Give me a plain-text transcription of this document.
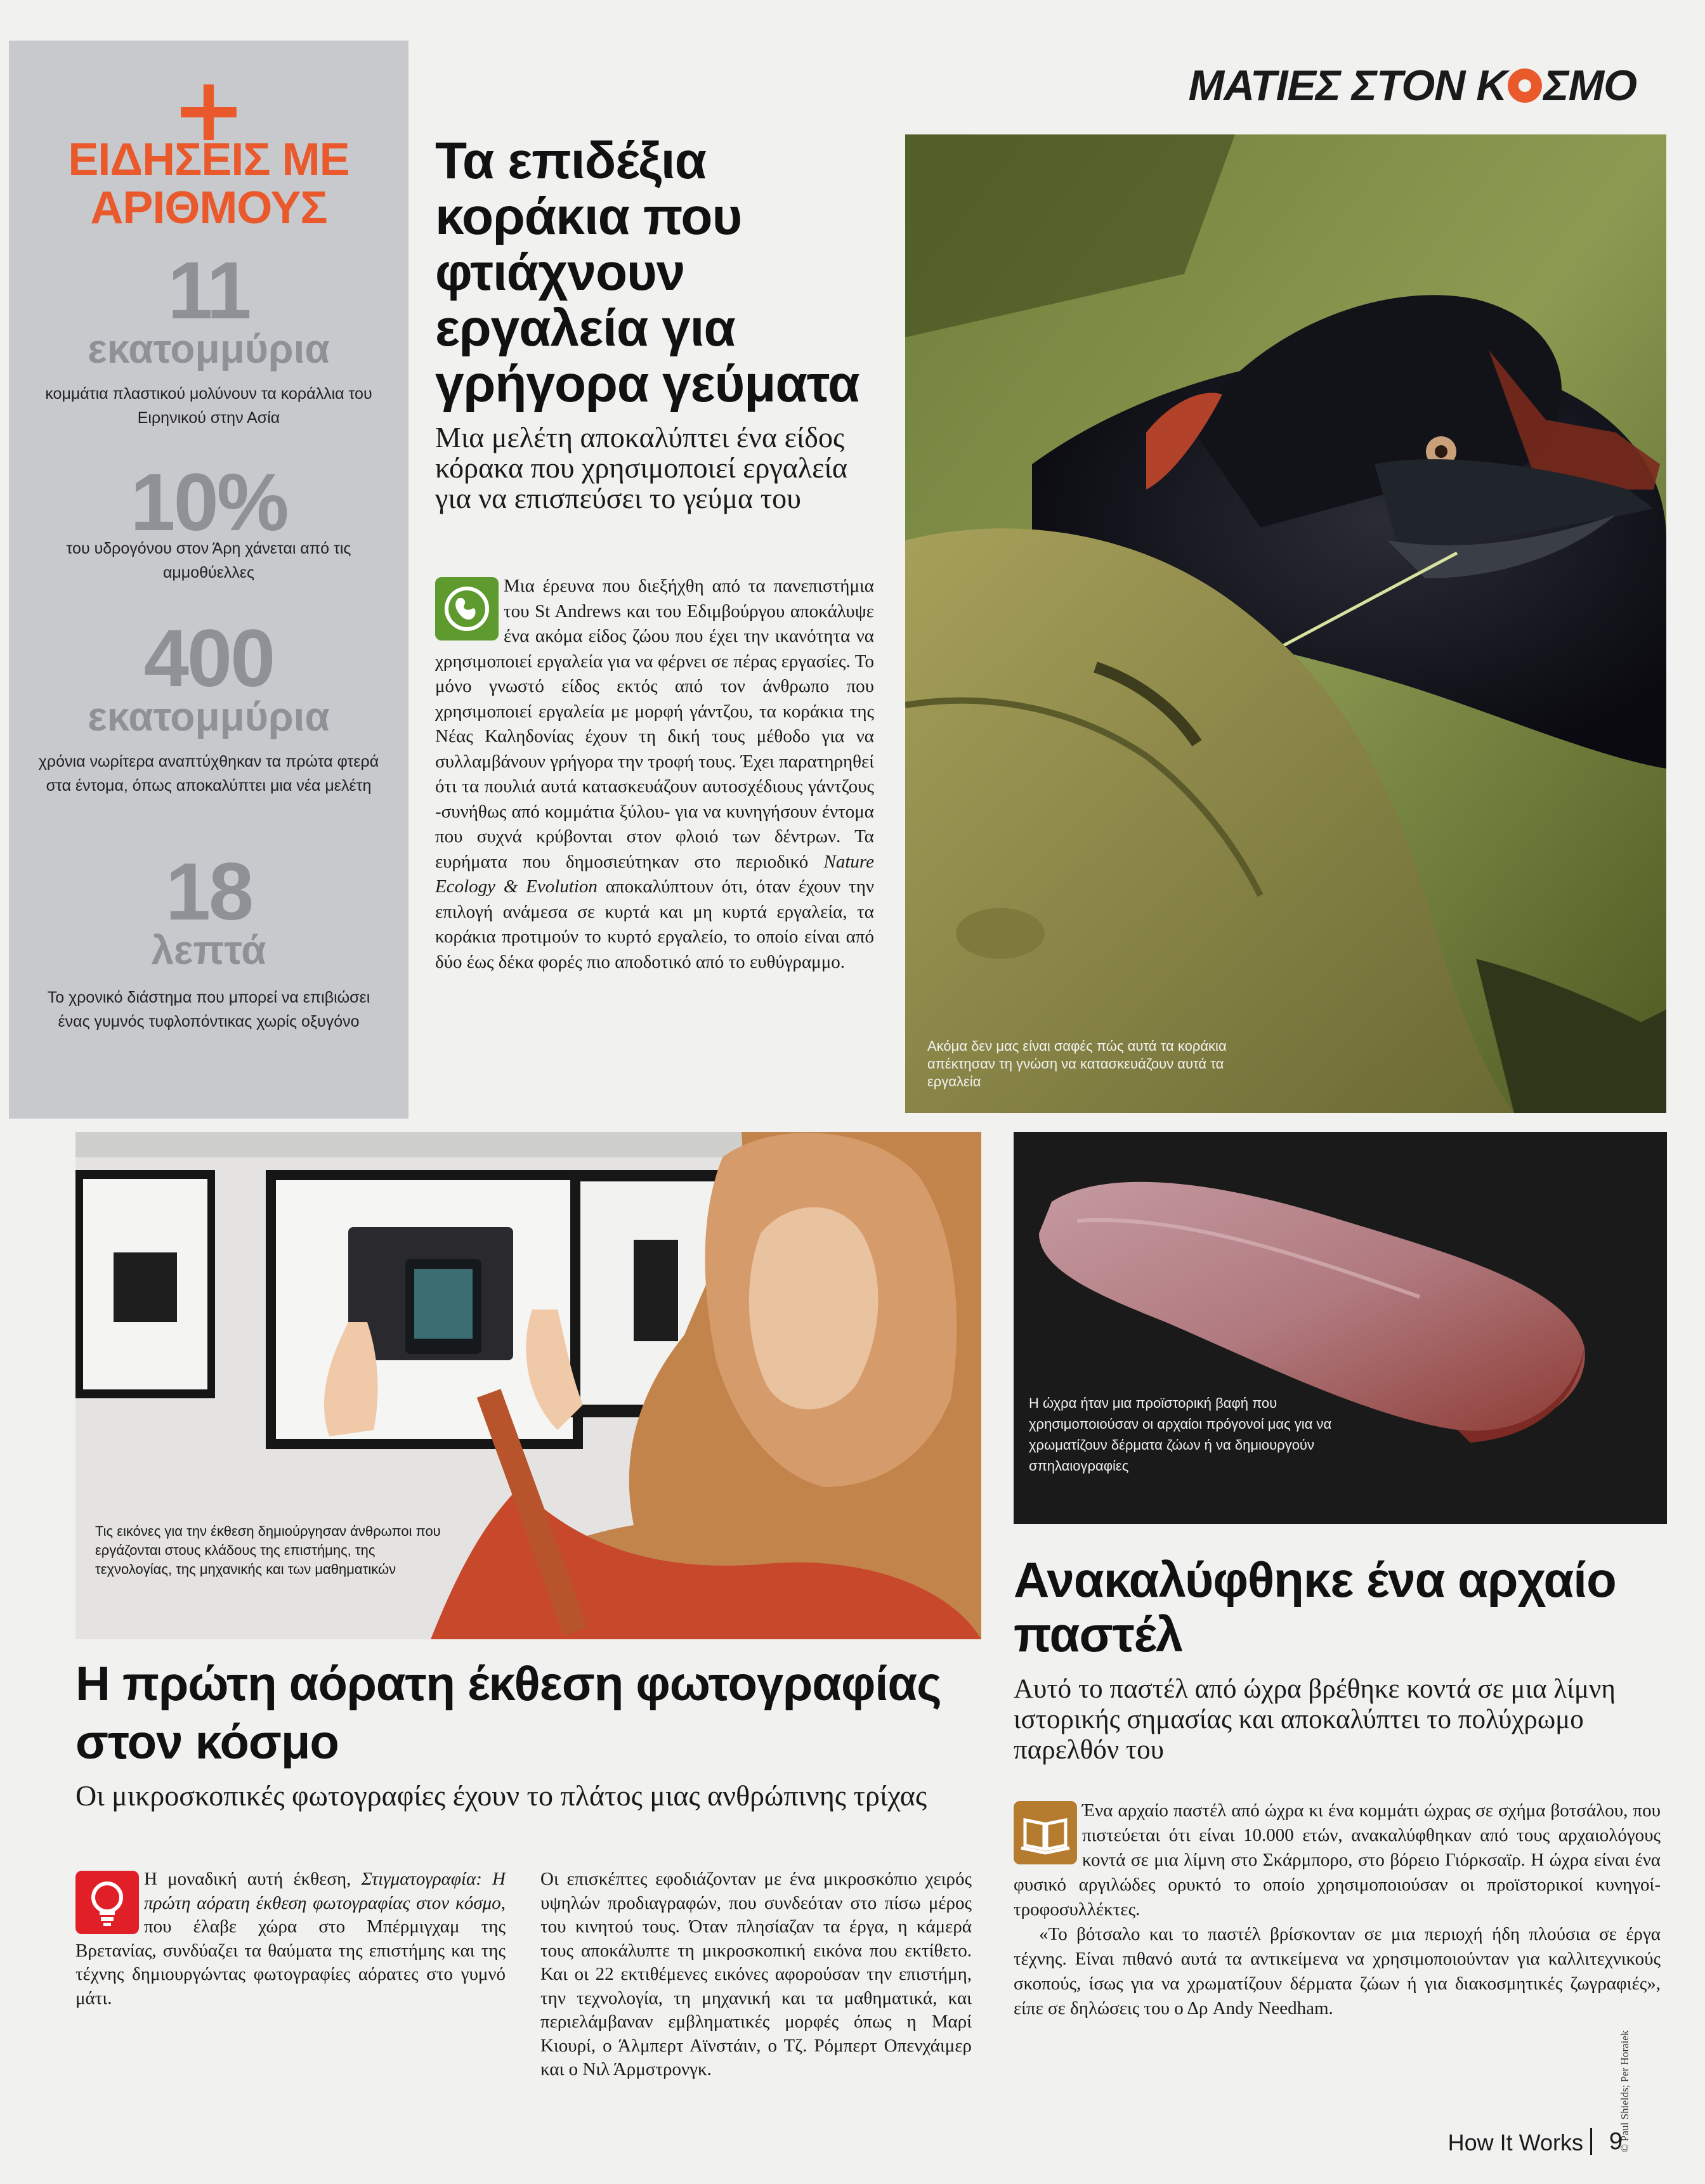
+
ΕΙΔΗΣΕΙΣ ΜΕ
ΑΡΙΘΜΟΥΣ
11
εκατομμύρια
κομμάτια πλαστικού μολύνουν τα κοράλλια του Ειρηνικού στην Ασία
10%
του υδρογόνου στον Άρη χάνεται από τις αμμοθύελλες
400
εκατομμύρια
χρόνια νωρίτερα αναπτύχθηκαν τα πρώτα φτερά στα έντομα, όπως αποκαλύπτει μια νέα μελέτη
18
λεπτά
Το χρονικό διάστημα που μπορεί να επιβιώσει ένας γυμνός τυφλοπόντικας χωρίς οξυγόνο
ΜΑΤΙΕΣ ΣΤΟΝ Κ ΣΜΟ
Τα επιδέξια κοράκια που φτιάχνουν εργαλεία για γρήγορα γεύματα
Μια μελέτη αποκαλύπτει ένα είδος κόρακα που χρησιμοποιεί εργαλεία για να επισπεύσει το γεύμα του
Μια έρευνα που διεξήχθη από τα πανεπιστήμια του St Andrews και του Εδιμβούργου αποκάλυψε ένα ακόμα είδος ζώου που έχει την ικανότητα να χρησιμοποιεί εργαλεία για να φέρνει σε πέρας εργασίες. Το μόνο γνωστό είδος εκτός από τον άνθρωπο που χρησιμοποιεί εργαλεία με μορφή γάντζου, τα κοράκια της Νέας Καληδονίας έχουν τη δική τους μέθοδο για να συλλαμβάνουν γρήγορα την τροφή τους. Έχει παρατηρηθεί ότι τα πουλιά αυτά κατασκευάζουν αυτοσχέδιους γάντζους -συνήθως από κομμάτια ξύλου- για να κυνηγήσουν έντομα που συχνά κρύβονται στον φλοιό των δέντρων. Τα ευρήματα που δημοσιεύτηκαν στο περιοδικό Nature Ecology & Evolution αποκαλύπτουν ότι, όταν έχουν την επιλογή ανάμεσα σε κυρτά και μη κυρτά εργαλεία, τα κοράκια προτιμούν το κυρτό εργαλείο, το οποίο είναι από δύο έως δέκα φορές πιο αποδοτικό από το ευθύγραμμο.
Ακόμα δεν μας είναι σαφές πώς αυτά τα κοράκια απέκτησαν τη γνώση να κατασκευάζουν αυτά τα εργαλεία
Τις εικόνες για την έκθεση δημιούργησαν άνθρωποι που εργάζονται στους κλάδους της επιστήμης, της τεχνολογίας, της μηχανικής και των μαθηματικών
Η πρώτη αόρατη έκθεση φωτογραφίας στον κόσμο
Οι μικροσκοπικές φωτογραφίες έχουν το πλάτος μιας ανθρώπινης τρίχας
Η μοναδική αυτή έκθεση, Στιγματογραφία: Η πρώτη αόρατη έκθεση φωτογραφίας στον κόσμο, που έλαβε χώρα στο Μπέρμιγχαμ της Βρετανίας, συνδύαζει τα θαύματα της επιστήμης και της τέχνης δημιουργώντας φωτογραφίες αόρατες στο γυμνό μάτι.
Οι επισκέπτες εφοδιάζονταν με ένα μικροσκόπιο χειρός υψηλών προδιαγραφών, που συνδεόταν στο πίσω μέρος του κινητού τους. Όταν πλησίαζαν τα έργα, η κάμερά τους αποκάλυπτε τη μικροσκοπική εικόνα που εκτίθετο. Και οι 22 εκτιθέμενες εικόνες αφορούσαν την επιστήμη, την τεχνολογία, τη μηχανική και τα μαθηματικά, και περιελάμβαναν εμβληματικές μορφές όπως η Μαρί Κιουρί, ο Άλμπερτ Αϊνστάιν, ο Τζ. Ρόμπερτ Οπενχάιμερ και ο Νιλ Άρμστρονγκ.
Η ώχρα ήταν μια προϊστορική βαφή που χρησιμοποιούσαν οι αρχαίοι πρόγονοί μας για να χρωματίζουν δέρματα ζώων ή να δημιουργούν σπηλαιογραφίες
Ανακαλύφθηκε ένα αρχαίο παστέλ
Αυτό το παστέλ από ώχρα βρέθηκε κοντά σε μια λίμνη ιστορικής σημασίας και αποκαλύπτει το πολύχρωμο παρελθόν του

Ένα αρχαίο παστέλ από ώχρα κι ένα κομμάτι ώχρας σε σχήμα βοτσάλου, που πιστεύεται ότι είναι 10.000 ετών, ανακαλύφθηκαν από τους αρχαιολόγους κοντά σε μια λίμνη στο Σκάρμπορο, στο βόρειο Γιόρκσαϊρ. Η ώχρα είναι ένα φυσικό αργιλώδες ορυκτό το οποίο χρησιμοποιούσαν οι προϊστορικοί κυνηγοί-τροφοσυλλέκτες.

«Το βότσαλο και το παστέλ βρίσκονταν σε μια περιοχή ήδη πλούσια σε έργα τέχνης. Είναι πιθανό αυτά τα αντικείμενα να χρησιμοποιούνταν για καλλιτεχνικούς σκοπούς, ίσως για να χρωματίζουν δέρματα ζώων ή για διακοσμητικές ζωγραφιές», είπε σε δηλώσεις του ο Δρ Andy Needham.

© Paul Shields; Per Horaiek
How It Works 9
